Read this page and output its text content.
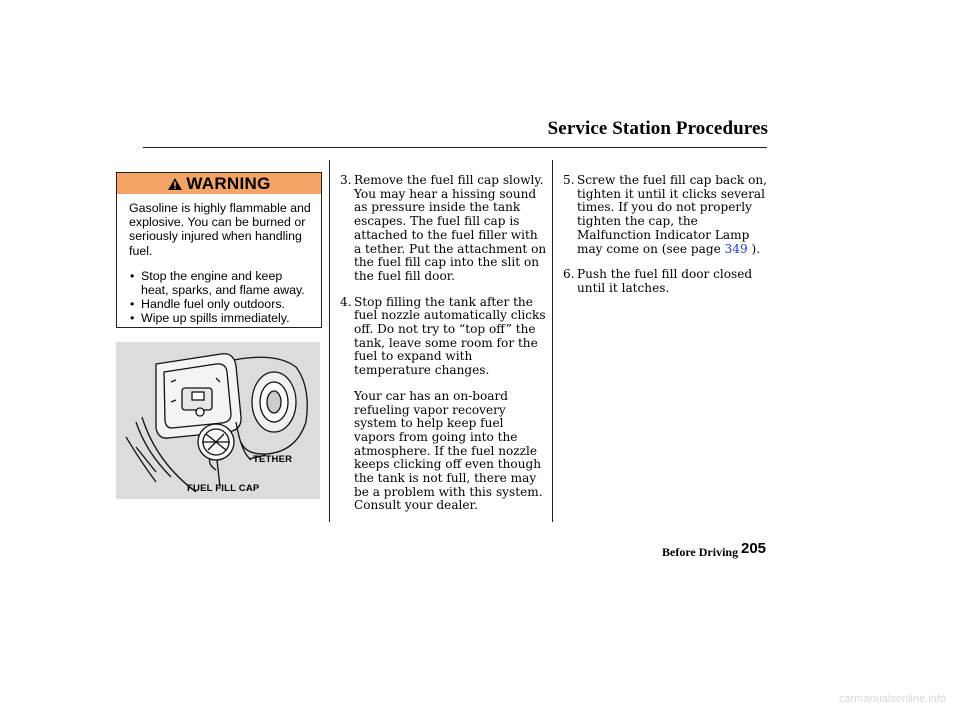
Service Station Procedures
WARNING

Gasoline is highly flammable and explosive. You can be burned or seriously injured when handling fuel.

• Stop the engine and keep heat, sparks, and flame away.
• Handle fuel only outdoors.
• Wipe up spills immediately.
TETHER
FUEL FILL CAP
3. Remove the fuel fill cap slowly. You may hear a hissing sound as pressure inside the tank escapes. The fuel fill cap is attached to the fuel filler with a tether. Put the attachment on the fuel fill cap into the slit on the fuel fill door.
4. Stop filling the tank after the fuel nozzle automatically clicks off. Do not try to “top off” the tank, leave some room for the fuel to expand with temperature changes.

Your car has an on-board refueling vapor recovery system to help keep fuel vapors from going into the atmosphere. If the fuel nozzle keeps clicking off even though the tank is not full, there may be a problem with this system. Consult your dealer.

5. Screw the fuel fill cap back on, tighten it until it clicks several times. If you do not properly tighten the cap, the Malfunction Indicator Lamp may come on (see page 349 ).
6. Push the fuel fill door closed until it latches.
Before Driving 205
carmanualsonline.info
